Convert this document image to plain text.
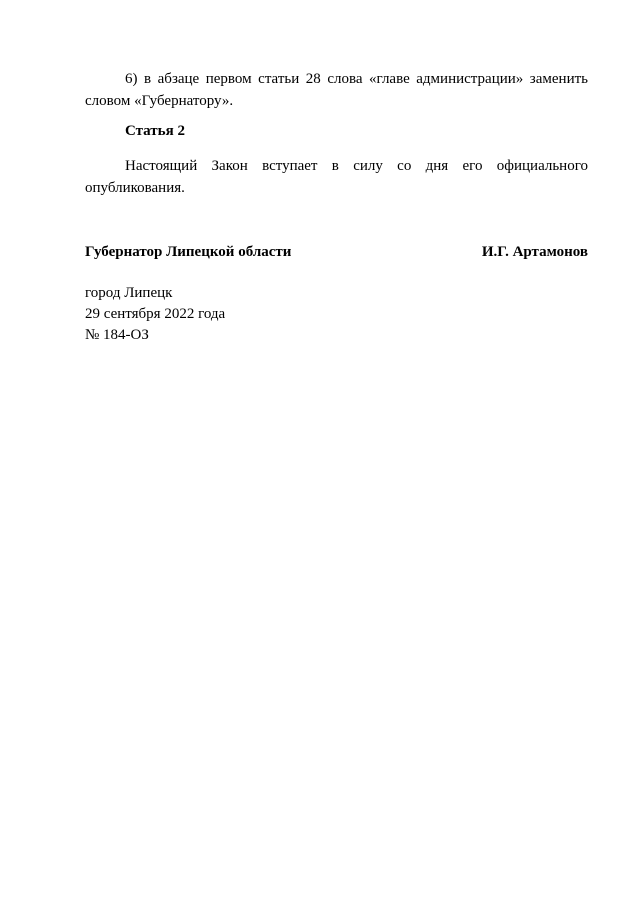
6) в абзаце первом статьи 28 слова «главе администрации» заменить
словом «Губернатору».
Статья 2
Настоящий Закон вступает в силу со дня его официального
опубликования.
Губернатор Липецкой области	И.Г. Артамонов
город Липецк
29 сентября 2022 года
№ 184-ОЗ
